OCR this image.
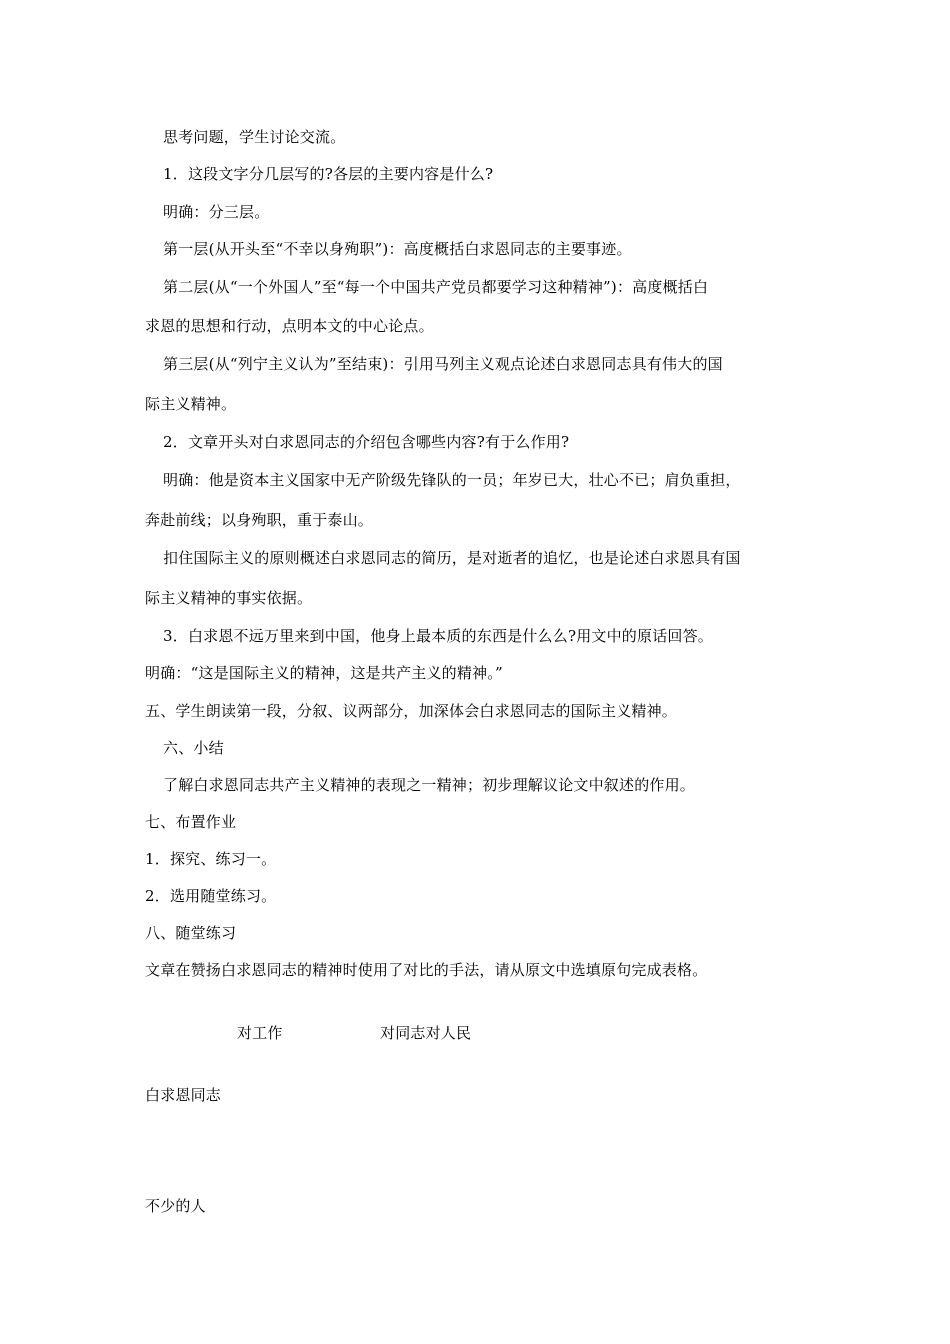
思考问题，学生讨论交流。
1．这段文字分几层写的?各层的主要内容是什么?
明确：分三层。
第一层(从开头至“不幸以身殉职”)：高度概括白求恩同志的主要事迹。
第二层(从“一个外国人”至“每一个中国共产党员都要学习这种精神”)：高度概括白
求恩的思想和行动，点明本文的中心论点。
第三层(从“列宁主义认为”至结束)：引用马列主义观点论述白求恩同志具有伟大的国
际主义精神。
2．文章开头对白求恩同志的介绍包含哪些内容?有于么作用?
明确：他是资本主义国家中无产阶级先锋队的一员；年岁已大，壮心不已；肩负重担，
奔赴前线；以身殉职，重于泰山。
扣住国际主义的原则概述白求恩同志的简历，是对逝者的追忆，也是论述白求恩具有国
际主义精神的事实依据。
3．白求恩不远万里来到中国，他身上最本质的东西是什么么?用文中的原话回答。
明确：“这是国际主义的精神，这是共产主义的精神。”
五、学生朗读第一段，分叙、议两部分，加深体会白求恩同志的国际主义精神。
六、小结
了解白求恩同志共产主义精神的表现之一精神；初步理解议论文中叙述的作用。
七、布置作业
1．探究、练习一。
2．选用随堂练习。
八、随堂练习
文章在赞扬白求恩同志的精神时使用了对比的手法，请从原文中选填原句完成表格。
对工作	对同志对人民
白求恩同志
不少的人
